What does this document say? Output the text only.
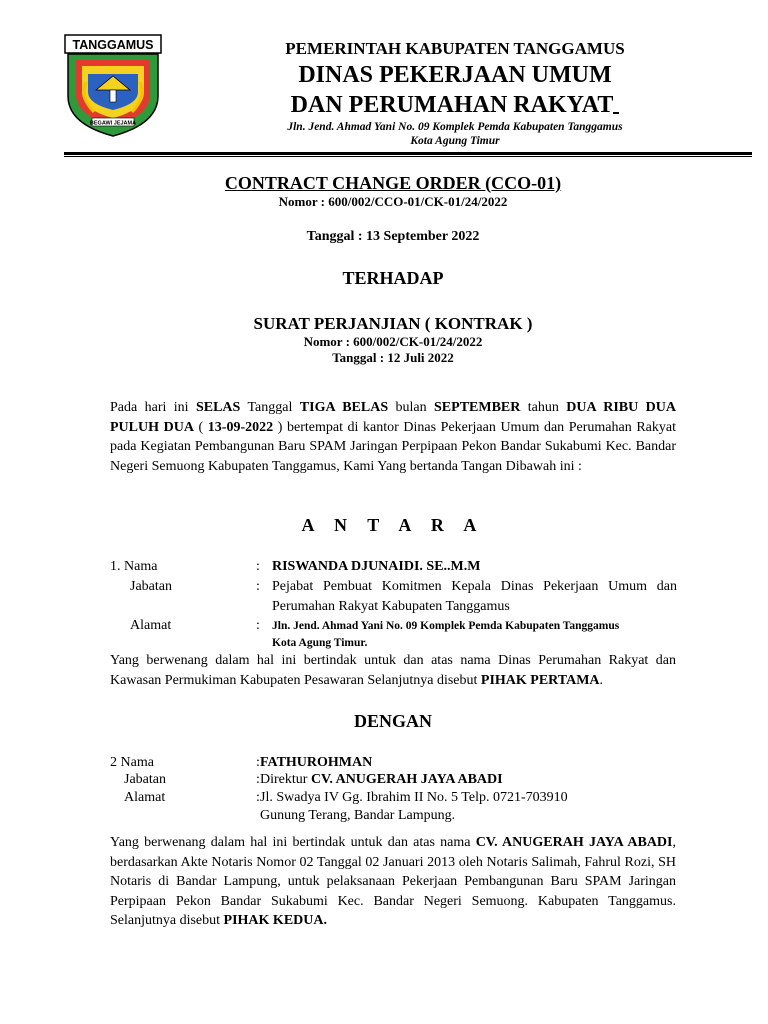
TANGGAMUS
BEGAWI JEJAMA
PEMERINTAH KABUPATEN TANGGAMUS
DINAS PEKERJAAN UMUM
DAN PERUMAHAN RAKYAT
Jln. Jend. Ahmad Yani No. 09 Komplek Pemda Kabupaten Tanggamus
Kota Agung Timur
CONTRACT CHANGE ORDER (CCO-01)
Nomor : 600/002/CCO-01/CK-01/24/2022
Tanggal : 13 September 2022
TERHADAP
SURAT PERJANJIAN ( KONTRAK )
Nomor : 600/002/CK-01/24/2022
Tanggal : 12 Juli 2022
Pada hari ini SELAS Tanggal TIGA BELAS bulan SEPTEMBER tahun DUA RIBU DUA PULUH DUA ( 13-09-2022 ) bertempat di kantor Dinas Pekerjaan Umum dan Perumahan Rakyat pada Kegiatan Pembangunan Baru SPAM Jaringan Perpipaan Pekon Bandar Sukabumi Kec. Bandar Negeri Semuong Kabupaten Tanggamus, Kami Yang bertanda Tangan Dibawah ini :
A N T A R A
1. Nama	: RISWANDA DJUNAIDI. SE..M.M
Jabatan	: Pejabat Pembuat Komitmen Kepala Dinas Pekerjaan Umum dan Perumahan Rakyat Kabupaten Tanggamus
Alamat	: Jln. Jend. Ahmad Yani No. 09 Komplek Pemda Kabupaten Tanggamus
Kota Agung Timur.
Yang berwenang dalam hal ini bertindak untuk dan atas nama Dinas Perumahan Rakyat dan Kawasan Permukiman Kabupaten Pesawaran Selanjutnya disebut PIHAK PERTAMA.
DENGAN
2 Nama	: FATHUROHMAN
Jabatan	: Direktur CV. ANUGERAH JAYA ABADI
Alamat	: Jl. Swadya IV Gg. Ibrahim II No. 5 Telp. 0721-703910
Gunung Terang, Bandar Lampung.
Yang berwenang dalam hal ini bertindak untuk dan atas nama CV. ANUGERAH JAYA ABADI, berdasarkan Akte Notaris Nomor 02 Tanggal 02 Januari 2013 oleh Notaris Salimah, Fahrul Rozi, SH Notaris di Bandar Lampung, untuk pelaksanaan Pekerjaan Pembangunan Baru SPAM Jaringan Perpipaan Pekon Bandar Sukabumi Kec. Bandar Negeri Semuong. Kabupaten Tanggamus. Selanjutnya disebut PIHAK KEDUA.
